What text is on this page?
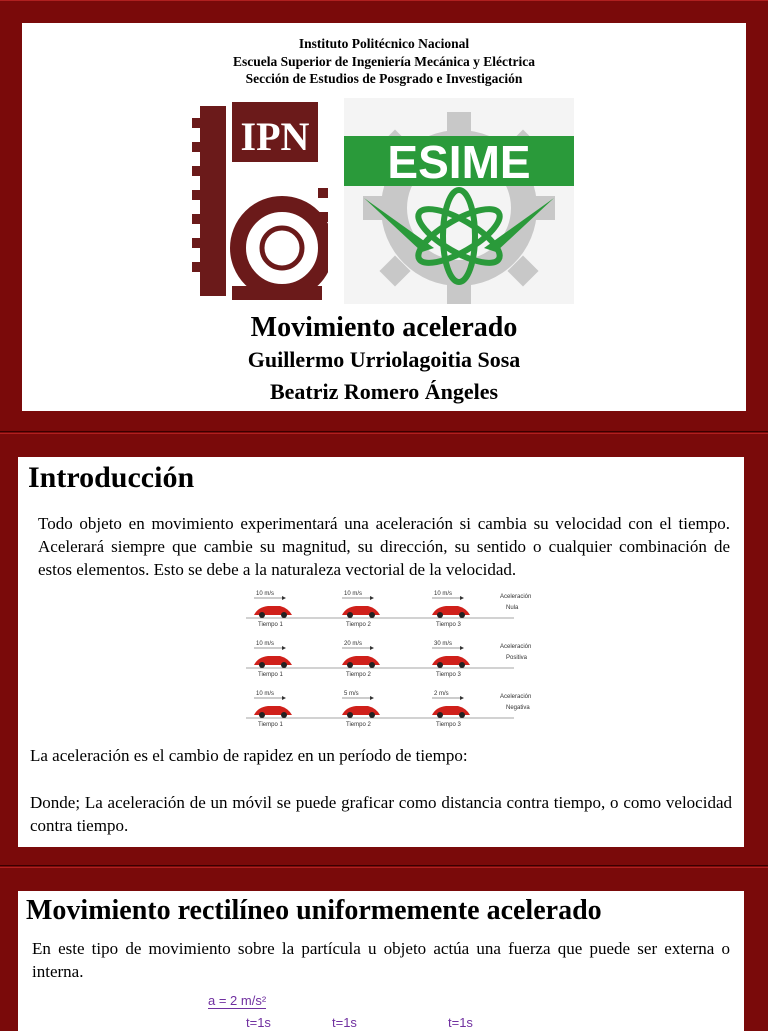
Instituto Politécnico Nacional
Escuela Superior de Ingeniería Mecánica y Eléctrica
Sección de Estudios de Posgrado e Investigación
IPN ESIME
Movimiento acelerado
Guillermo Urriolagoitia Sosa
Beatriz Romero Ángeles
Introducción
Todo objeto en movimiento experimentará una aceleración si cambia su velocidad con el tiempo. Acelerará siempre que cambie su magnitud, su dirección, su sentido o cualquier combinación de estos elementos. Esto se debe a la naturaleza vectorial de la velocidad.
10 m/s
Tiempo 1
10 m/s
Tiempo 2
10 m/s
Tiempo 3
Aceleración
Nula
10 m/s
Tiempo 1
20 m/s
Tiempo 2
30 m/s
Tiempo 3
Aceleración
Positiva
10 m/s
Tiempo 1
5 m/s
Tiempo 2
2 m/s
Tiempo 3
Aceleración
Negativa
La aceleración es el cambio de rapidez en un período de tiempo:
Donde; La aceleración de un móvil se puede graficar como distancia contra tiempo, o como velocidad contra tiempo.
Movimiento rectilíneo uniformemente acelerado
En este tipo de movimiento sobre la partícula u objeto actúa una fuerza que puede ser externa o interna.
a = 2 m/s²
t=1s	t=1s	t=1s
